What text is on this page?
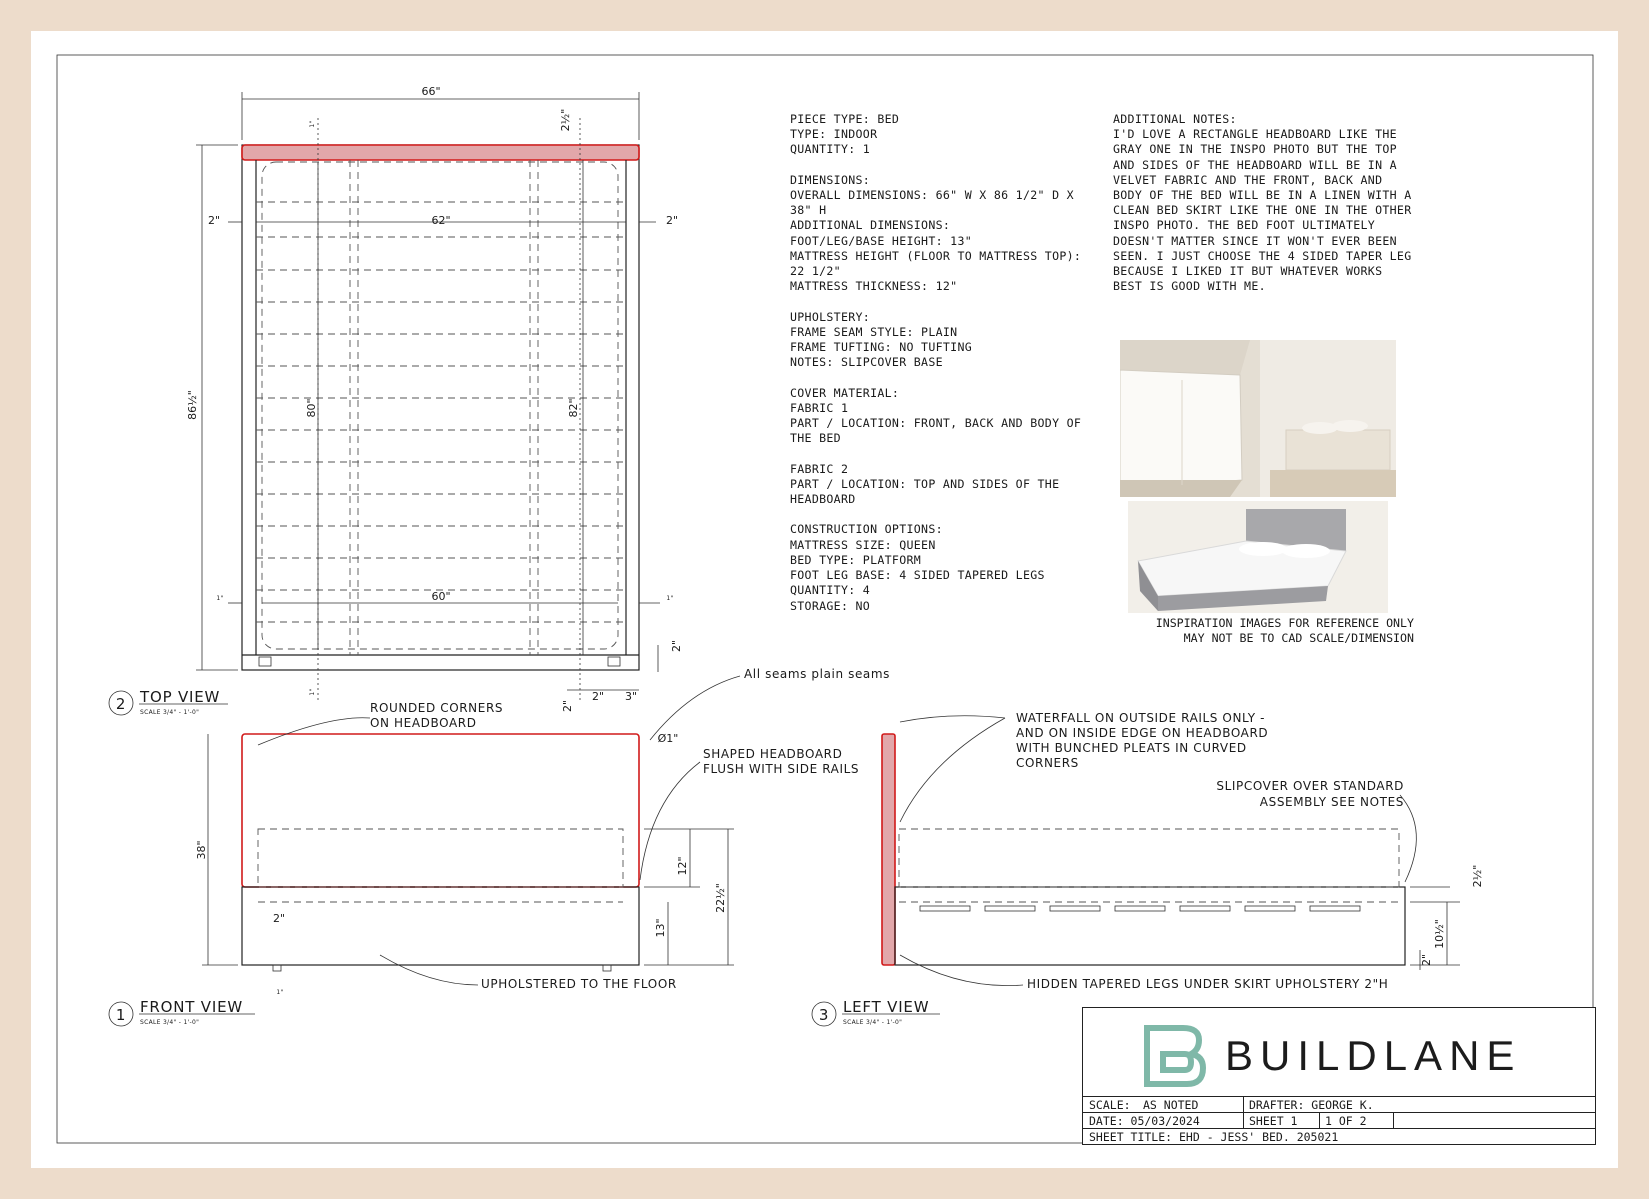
66"
2½"
2"	62"	2"
86½"	80"	82"
60"
1"	1"
1"
1"	2" 3"
2"
2"
2 TOP VIEW
SCALE 3/4" - 1'-0"
38"
12"
22½"
13"
2"
1"
Ø1"
ROUNDED CORNERS ON HEADBOARD
SHAPED HEADBOARD FLUSH WITH SIDE RAILS
All seams plain seams
UPHOLSTERED TO THE FLOOR
1 FRONT VIEW
SCALE 3/4" - 1'-0"
2½"
10½"
2"
WATERFALL ON OUTSIDE RAILS ONLY -
AND ON INSIDE EDGE ON HEADBOARD
WITH BUNCHED PLEATS IN CURVED
CORNERS
SLIPCOVER OVER STANDARD
ASSEMBLY SEE NOTES
HIDDEN TAPERED LEGS UNDER SKIRT UPHOLSTERY 2"H
3 LEFT VIEW
SCALE 3/4" - 1'-0"
PIECE TYPE: BED
TYPE: INDOOR
QUANTITY: 1

DIMENSIONS:
OVERALL DIMENSIONS: 66" W X 86 1/2" D X 38" H
ADDITIONAL DIMENSIONS:
FOOT/LEG/BASE HEIGHT: 13"
MATTRESS HEIGHT (FLOOR TO MATTRESS TOP): 22 1/2"
MATTRESS THICKNESS: 12"

UPHOLSTERY:
FRAME SEAM STYLE: PLAIN
FRAME TUFTING: NO TUFTING
NOTES: SLIPCOVER BASE

COVER MATERIAL:
FABRIC 1
PART / LOCATION: FRONT, BACK AND BODY OF THE BED

FABRIC 2
PART / LOCATION: TOP AND SIDES OF THE HEADBOARD

CONSTRUCTION OPTIONS:
MATTRESS SIZE: QUEEN
BED TYPE: PLATFORM
FOOT LEG BASE: 4 SIDED TAPERED LEGS
QUANTITY: 4
STORAGE: NO
ADDITIONAL NOTES:
I'D LOVE A RECTANGLE HEADBOARD LIKE THE GRAY ONE IN THE INSPO PHOTO BUT THE TOP AND SIDES OF THE HEADBOARD WILL BE IN A VELVET FABRIC AND THE FRONT, BACK AND BODY OF THE BED WILL BE IN A LINEN WITH A CLEAN BED SKIRT LIKE THE ONE IN THE OTHER INSPO PHOTO. THE BED FOOT ULTIMATELY DOESN'T MATTER SINCE IT WON'T EVER BEEN SEEN. I JUST CHOOSE THE 4 SIDED TAPER LEG BECAUSE I LIKED IT BUT WHATEVER WORKS BEST IS GOOD WITH ME.
INSPIRATION IMAGES FOR REFERENCE ONLY
MAY NOT BE TO CAD SCALE/DIMENSION
BUILDLANE
SCALE:	AS NOTED	DRAFTER: GEORGE K.
DATE: 05/03/2024	SHEET 1	1 OF 2
SHEET TITLE: EHD - JESS' BED. 205021
